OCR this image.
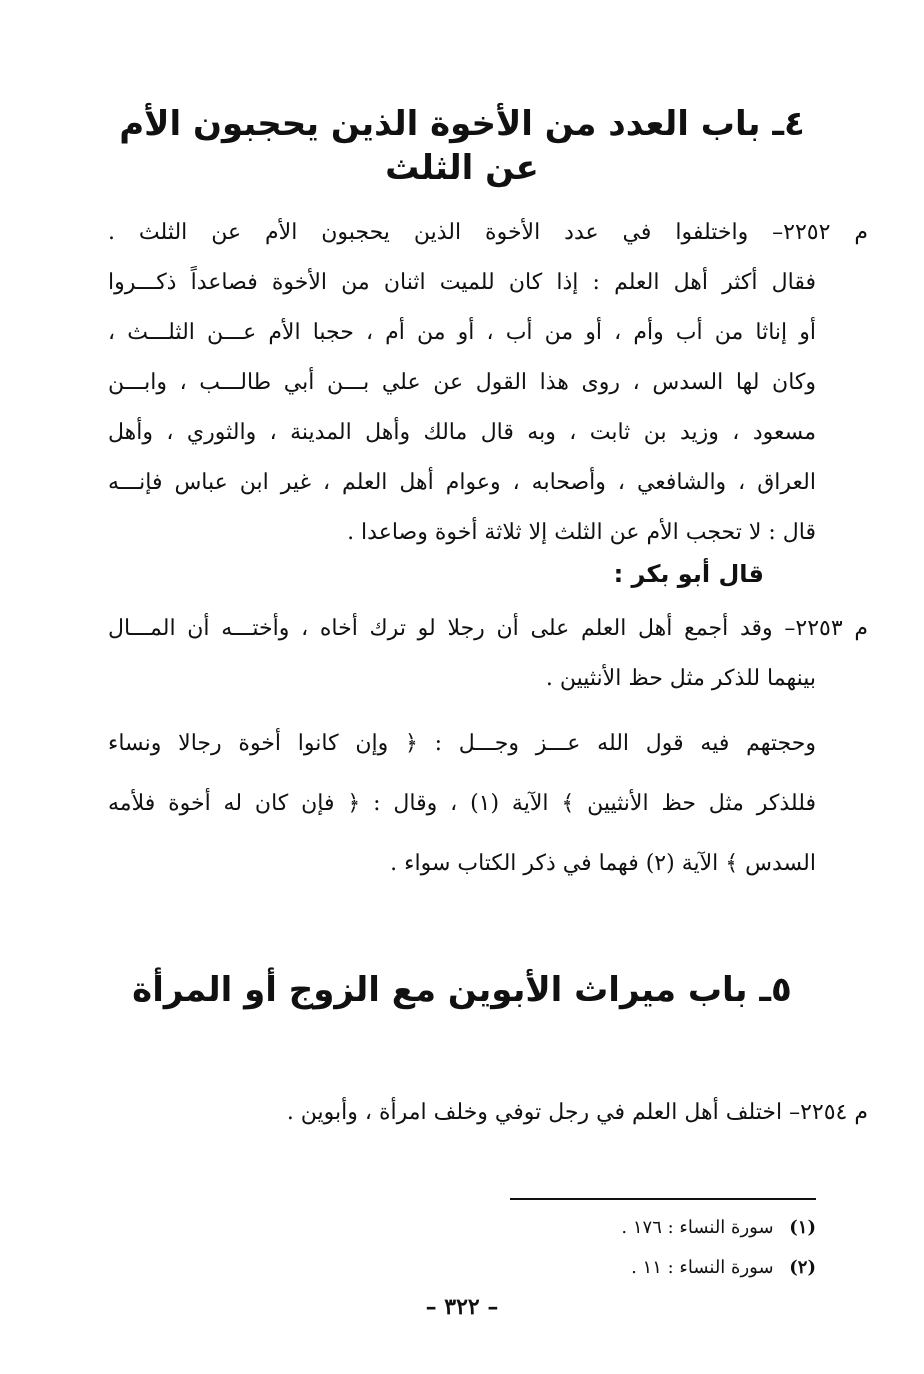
٤ـ باب العدد من الأخوة الذين يحجبون الأم عن الثلث
م ٢٢٥٢– واختلفوا في عدد الأخوة الذين يحجبون الأم عن الثلث .
فقال أكثر أهل العلم : إذا كان للميت اثنان من الأخوة فصاعداً ذكـــروا
أو إناثا من أب وأم ، أو من أب ، أو من أم ، حجبا الأم عـــن الثلـــث ،
وكان لها السدس ، روى هذا القول عن علي بـــن أبي طالـــب ، وابـــن
مسعود ، وزيد بن ثابت ، وبه قال مالك وأهل المدينة ، والثوري ، وأهل
العراق ، والشافعي ، وأصحابه ، وعوام أهل العلم ، غير ابن عباس فإنـــه
قال : لا تحجب الأم عن الثلث إلا ثلاثة أخوة وصاعدا .
قال أبو بكر :
م ٢٢٥٣– وقد أجمع أهل العلم على أن رجلا لو ترك أخاه ، وأختـــه أن المـــال
بينهما للذكر مثل حظ الأنثيين .
وحجتهم فيه قول الله عـــز وجـــل : ﴿ وإن كانوا أخوة رجالا ونساء
فللذكر مثل حظ الأنثيين ﴾ الآية (١) ، وقال : ﴿ فإن كان له أخوة فلأمه
السدس ﴾ الآية (٢) فهما في ذكر الكتاب سواء .
٥ـ باب ميراث الأبوين مع الزوج أو المرأة
م ٢٢٥٤– اختلف أهل العلم في رجل توفي وخلف امرأة ، وأبوين .
(١) سورة النساء : ١٧٦ .
(٢) سورة النساء : ١١ .
– ٣٢٢ –
